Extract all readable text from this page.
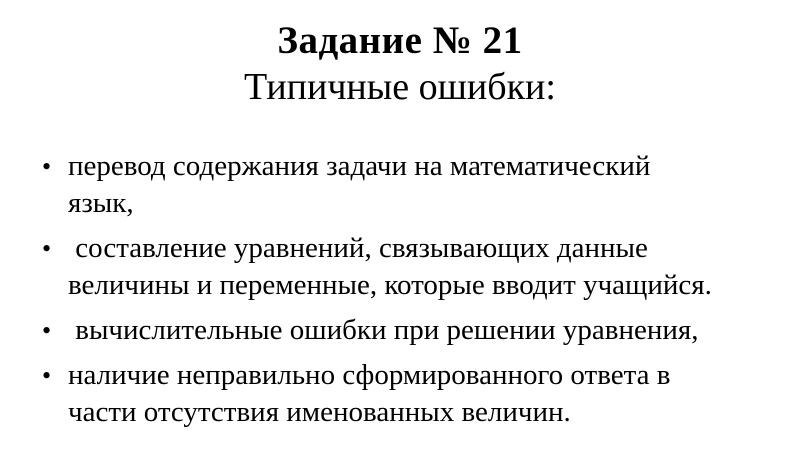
Задание № 21
Типичные ошибки:
• перевод содержания задачи на математический
язык,
• составление уравнений, связывающих данные
величины и переменные, которые вводит учащийся.
• вычислительные ошибки при решении уравнения,
• наличие неправильно сформированного ответа в
части отсутствия именованных величин.
